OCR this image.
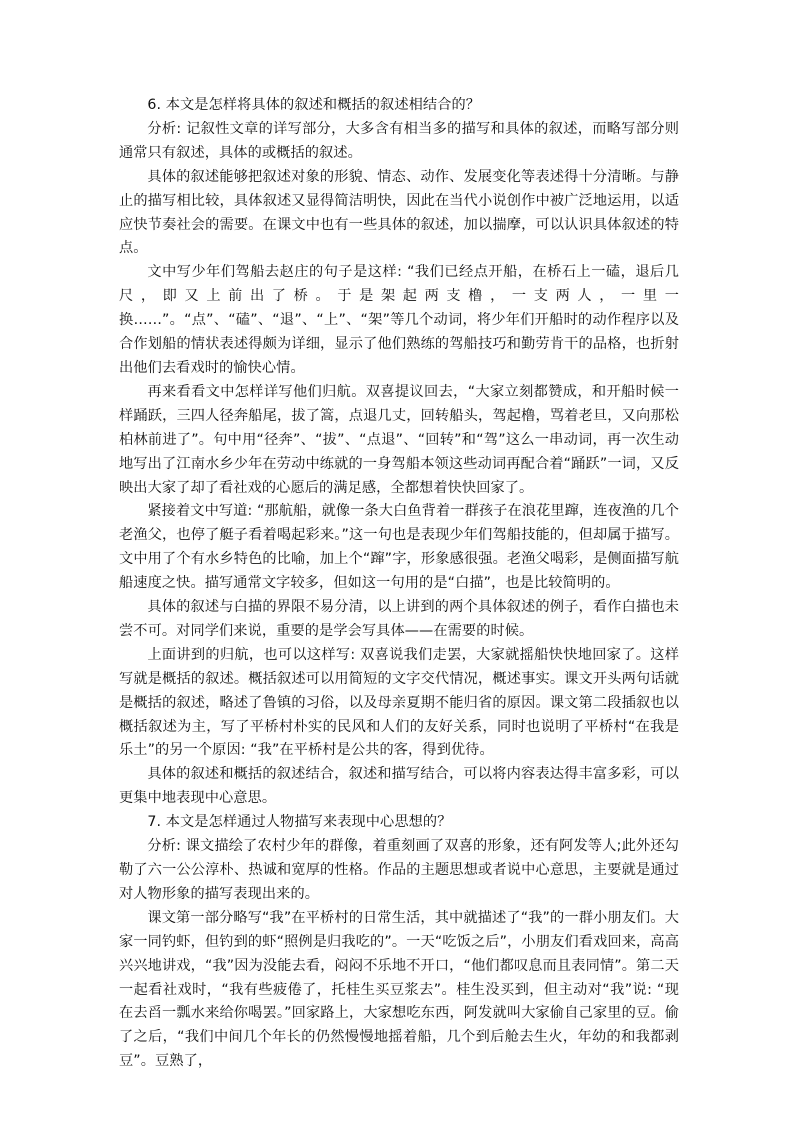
6. 本文是怎样将具体的叙述和概括的叙述相结合的？

分析: 记叙性文章的详写部分，大多含有相当多的描写和具体的叙述，而略写部分则通常只有叙述，具体的或概括的叙述。

具体的叙述能够把叙述对象的形貌、情态、动作、发展变化等表述得十分清晰。与静止的描写相比较，具体叙述又显得简洁明快，因此在当代小说创作中被广泛地运用，以适应快节奏社会的需要。在课文中也有一些具体的叙述，加以揣摩，可以认识具体叙述的特点。

文中写少年们驾船去赵庄的句子是这样: “我们已经点开船，在桥石上一磕，退后几尺，即又上前出了桥。于是架起两支橹，一支两人，一里一换……”。“点”、“磕”、“退”、“上”、“架”等几个动词，将少年们开船时的动作程序以及合作划船的情状表述得颇为详细，显示了他们熟练的驾船技巧和勤劳肯干的品格，也折射出他们去看戏时的愉快心情。

再来看看文中怎样详写他们归航。双喜提议回去，“大家立刻都赞成，和开船时候一样踊跃，三四人径奔船尾，拔了篙，点退几丈，回转船头，驾起橹，骂着老旦，又向那松柏林前进了”。句中用“径奔”、“拔”、“点退”、“回转”和“驾”这么一串动词，再一次生动地写出了江南水乡少年在劳动中练就的一身驾船本领这些动词再配合着“踊跃”一词，又反映出大家了却了看社戏的心愿后的满足感，全都想着快快回家了。

紧接着文中写道: “那航船，就像一条大白鱼背着一群孩子在浪花里蹿，连夜渔的几个老渔父，也停了艇子看着喝起彩来。”这一句也是表现少年们驾船技能的，但却属于描写。文中用了个有水乡特色的比喻，加上个“蹿”字，形象感很强。老渔父喝彩，是侧面描写航船速度之快。描写通常文字较多，但如这一句用的是“白描”，也是比较简明的。

具体的叙述与白描的界限不易分清，以上讲到的两个具体叙述的例子，看作白描也未尝不可。对同学们来说，重要的是学会写具体——在需要的时候。

上面讲到的归航，也可以这样写: 双喜说我们走罢，大家就摇船快快地回家了。这样写就是概括的叙述。概括叙述可以用简短的文字交代情况，概述事实。课文开头两句话就是概括的叙述，略述了鲁镇的习俗，以及母亲夏期不能归省的原因。课文第二段插叙也以概括叙述为主，写了平桥村朴实的民风和人们的友好关系，同时也说明了平桥村“在我是乐土”的另一个原因: “我”在平桥村是公共的客，得到优待。

具体的叙述和概括的叙述结合，叙述和描写结合，可以将内容表达得丰富多彩，可以更集中地表现中心意思。

7. 本文是怎样通过人物描写来表现中心思想的？

分析: 课文描绘了农村少年的群像，着重刻画了双喜的形象，还有阿发等人;此外还勾勒了六一公公淳朴、热诚和宽厚的性格。作品的主题思想或者说中心意思，主要就是通过对人物形象的描写表现出来的。

课文第一部分略写“我”在平桥村的日常生活，其中就描述了“我”的一群小朋友们。大家一同钓虾，但钓到的虾“照例是归我吃的”。一天“吃饭之后”，小朋友们看戏回来，高高兴兴地讲戏，“我”因为没能去看，闷闷不乐地不开口，“他们都叹息而且表同情”。第二天一起看社戏时，“我有些疲倦了，托桂生买豆浆去”。桂生没买到，但主动对“我”说: “现在去舀一瓢水来给你喝罢。”回家路上，大家想吃东西，阿发就叫大家偷自己家里的豆。偷了之后，“我们中间几个年长的仍然慢慢地摇着船，几个到后舱去生火，年幼的和我都剥豆”。豆熟了，
